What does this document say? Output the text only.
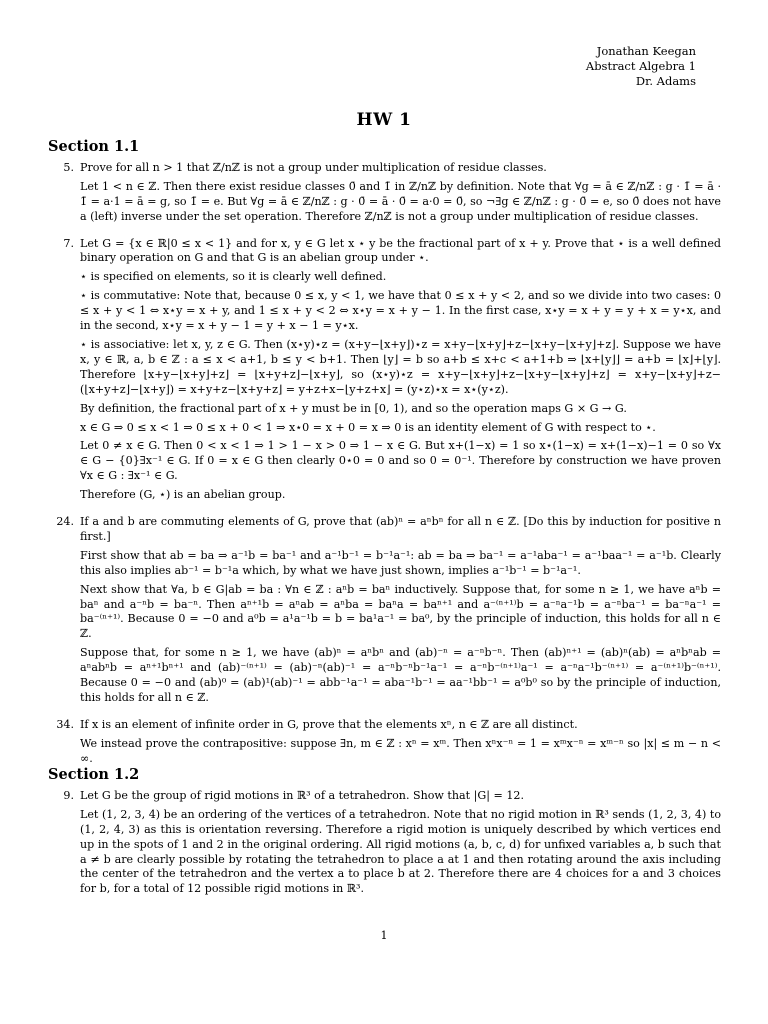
Jonathan Keegan
Abstract Algebra 1
Dr. Adams
HW 1
Section 1.1
5. Prove for all n > 1 that ℤ/nℤ is not a group under multiplication of residue classes.
Let 1 < n ∈ ℤ. Then there exist residue classes 0̄ and 1̄ in ℤ/nℤ by definition. Note that ∀g = ā ∈ ℤ/nℤ : g · 1̄ = ā · 1̄ = a·1 = ā = g, so 1̄ = e. But ∀g = ā ∈ ℤ/nℤ : g · 0̄ = ā · 0̄ = a·0 = 0̄, so ¬∃g ∈ ℤ/nℤ : g · 0̄ = e, so 0̄ does not have a (left) inverse under the set operation. Therefore ℤ/nℤ is not a group under multiplication of residue classes.
7. Let G = {x ∈ ℝ|0 ≤ x < 1} and for x, y ∈ G let x ⋆ y be the fractional part of x + y. Prove that ⋆ is a well defined binary operation on G and that G is an abelian group under ⋆.
⋆ is specified on elements, so it is clearly well defined.
⋆ is commutative: Note that, because 0 ≤ x, y < 1, we have that 0 ≤ x + y < 2, and so we divide into two cases: 0 ≤ x + y < 1 ⇔ x⋆y = x + y, and 1 ≤ x + y < 2 ⇔ x⋆y = x + y − 1. In the first case, x⋆y = x + y = y + x = y⋆x, and in the second, x⋆y = x + y − 1 = y + x − 1 = y⋆x.
⋆ is associative: let x, y, z ∈ G. Then (x⋆y)⋆z = (x+y−⌊x+y⌋)⋆z = x+y−⌊x+y⌋+z−⌊x+y−⌊x+y⌋+z⌋. Suppose we have x, y ∈ ℝ, a, b ∈ ℤ : a ≤ x < a+1, b ≤ y < b+1. Then ⌊y⌋ = b so a+b ≤ x+c < a+1+b ⇒ ⌊x+⌊y⌋⌋ = a+b = ⌊x⌋+⌊y⌋. Therefore ⌊x+y−⌊x+y⌋+z⌋ = ⌊x+y+z⌋−⌊x+y⌋, so (x⋆y)⋆z = x+y−⌊x+y⌋+z−⌊x+y−⌊x+y⌋+z⌋ = x+y−⌊x+y⌋+z−(⌊x+y+z⌋−⌊x+y⌋) = x+y+z−⌊x+y+z⌋ = y+z+x−⌊y+z+x⌋ = (y⋆z)⋆x = x⋆(y⋆z).
By definition, the fractional part of x + y must be in [0, 1), and so the operation maps G × G → G.
x ∈ G ⇒ 0 ≤ x < 1 ⇒ 0 ≤ x + 0 < 1 ⇒ x⋆0 = x + 0 = x ⇒ 0 is an identity element of G with respect to ⋆.
Let 0 ≠ x ∈ G. Then 0 < x < 1 ⇒ 1 > 1 − x > 0 ⇒ 1 − x ∈ G. But x+(1−x) = 1 so x⋆(1−x) = x+(1−x)−1 = 0 so ∀x ∈ G − {0}∃x⁻¹ ∈ G. If 0 = x ∈ G then clearly 0⋆0 = 0 and so 0 = 0⁻¹. Therefore by construction we have proven ∀x ∈ G : ∃x⁻¹ ∈ G.
Therefore (G, ⋆) is an abelian group.
24. If a and b are commuting elements of G, prove that (ab)ⁿ = aⁿbⁿ for all n ∈ ℤ. [Do this by induction for positive n first.]
First show that ab = ba ⇒ a⁻¹b = ba⁻¹ and a⁻¹b⁻¹ = b⁻¹a⁻¹: ab = ba ⇒ ba⁻¹ = a⁻¹aba⁻¹ = a⁻¹baa⁻¹ = a⁻¹b. Clearly this also implies ab⁻¹ = b⁻¹a which, by what we have just shown, implies a⁻¹b⁻¹ = b⁻¹a⁻¹.
Next show that ∀a, b ∈ G|ab = ba : ∀n ∈ ℤ : aⁿb = baⁿ inductively. Suppose that, for some n ≥ 1, we have aⁿb = baⁿ and a⁻ⁿb = ba⁻ⁿ. Then aⁿ⁺¹b = aⁿab = aⁿba = baⁿa = baⁿ⁺¹ and a⁻⁽ⁿ⁺¹⁾b = a⁻ⁿa⁻¹b = a⁻ⁿba⁻¹ = ba⁻ⁿa⁻¹ = ba⁻⁽ⁿ⁺¹⁾. Because 0 = −0 and a⁰b = a¹a⁻¹b = b = ba¹a⁻¹ = ba⁰, by the principle of induction, this holds for all n ∈ ℤ.
Suppose that, for some n ≥ 1, we have (ab)ⁿ = aⁿbⁿ and (ab)⁻ⁿ = a⁻ⁿb⁻ⁿ. Then (ab)ⁿ⁺¹ = (ab)ⁿ(ab) = aⁿbⁿab = aⁿabⁿb = aⁿ⁺¹bⁿ⁺¹ and (ab)⁻⁽ⁿ⁺¹⁾ = (ab)⁻ⁿ(ab)⁻¹ = a⁻ⁿb⁻ⁿb⁻¹a⁻¹ = a⁻ⁿb⁻⁽ⁿ⁺¹⁾a⁻¹ = a⁻ⁿa⁻¹b⁻⁽ⁿ⁺¹⁾ = a⁻⁽ⁿ⁺¹⁾b⁻⁽ⁿ⁺¹⁾. Because 0 = −0 and (ab)⁰ = (ab)¹(ab)⁻¹ = abb⁻¹a⁻¹ = aba⁻¹b⁻¹ = aa⁻¹bb⁻¹ = a⁰b⁰ so by the principle of induction, this holds for all n ∈ ℤ.
34. If x is an element of infinite order in G, prove that the elements xⁿ, n ∈ ℤ are all distinct.
We instead prove the contrapositive: suppose ∃n, m ∈ ℤ : xⁿ = xᵐ. Then xⁿx⁻ⁿ = 1 = xᵐx⁻ⁿ = xᵐ⁻ⁿ so |x| ≤ m − n < ∞.
Section 1.2
9. Let G be the group of rigid motions in ℝ³ of a tetrahedron. Show that |G| = 12.
Let (1, 2, 3, 4) be an ordering of the vertices of a tetrahedron. Note that no rigid motion in ℝ³ sends (1, 2, 3, 4) to (1, 2, 4, 3) as this is orientation reversing. Therefore a rigid motion is uniquely described by which vertices end up in the spots of 1 and 2 in the original ordering. All rigid motions (a, b, c, d) for unfixed variables a, b such that a ≠ b are clearly possible by rotating the tetrahedron to place a at 1 and then rotating around the axis including the center of the tetrahedron and the vertex a to place b at 2. Therefore there are 4 choices for a and 3 choices for b, for a total of 12 possible rigid motions in ℝ³.
1
